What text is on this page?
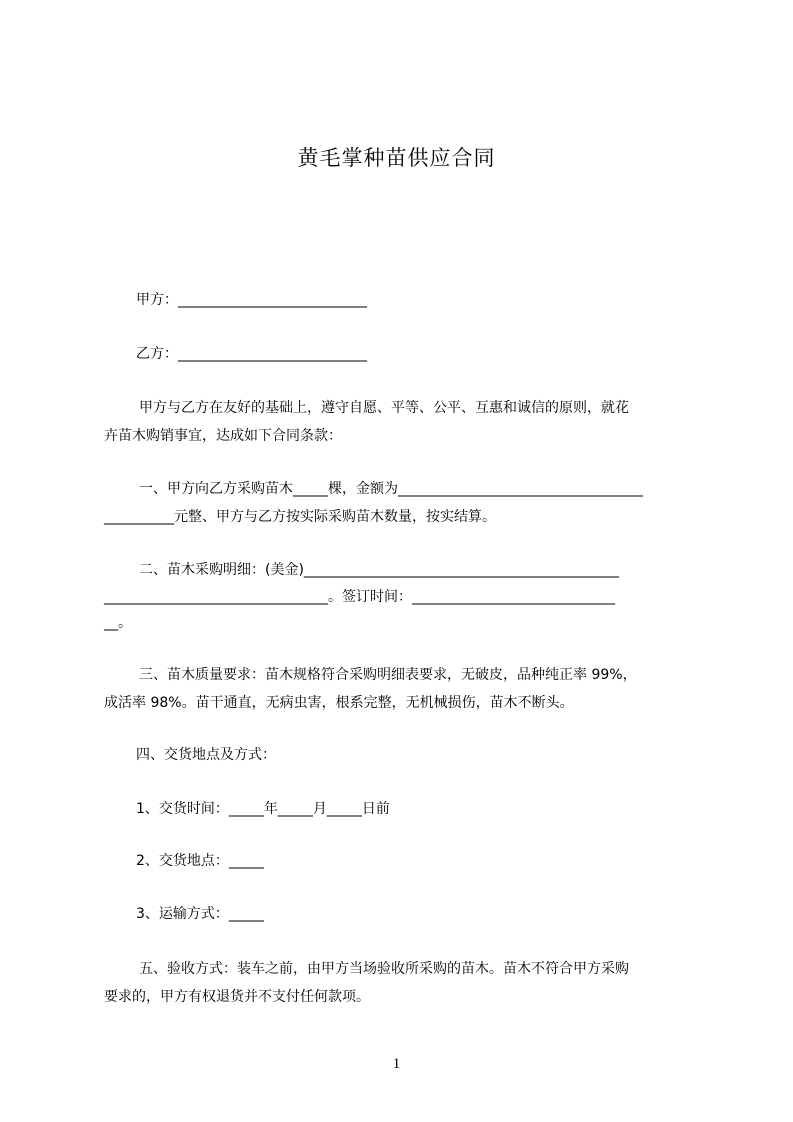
黄毛掌种苗供应合同
甲方：___________________________
乙方：___________________________
甲方与乙方在友好的基础上，遵守自愿、平等、公平、互惠和诚信的原则，就花
卉苗木购销事宜，达成如下合同条款：
一、甲方向乙方采购苗木_____棵，金额为___________________________________
__________元整、甲方与乙方按实际采购苗木数量，按实结算。
二、苗木采购明细：(美金)_____________________________________________
________________________________。签订时间：_____________________________
__。
三、苗木质量要求：苗木规格符合采购明细表要求，无破皮，品种纯正率 99%，
成活率 98%。苗干通直，无病虫害，根系完整，无机械损伤，苗木不断头。
四、交货地点及方式：
1、交货时间：_____年_____月_____日前
2、交货地点：_____
3、运输方式：_____
五、验收方式：装车之前，由甲方当场验收所采购的苗木。苗木不符合甲方采购
要求的，甲方有权退货并不支付任何款项。
1
